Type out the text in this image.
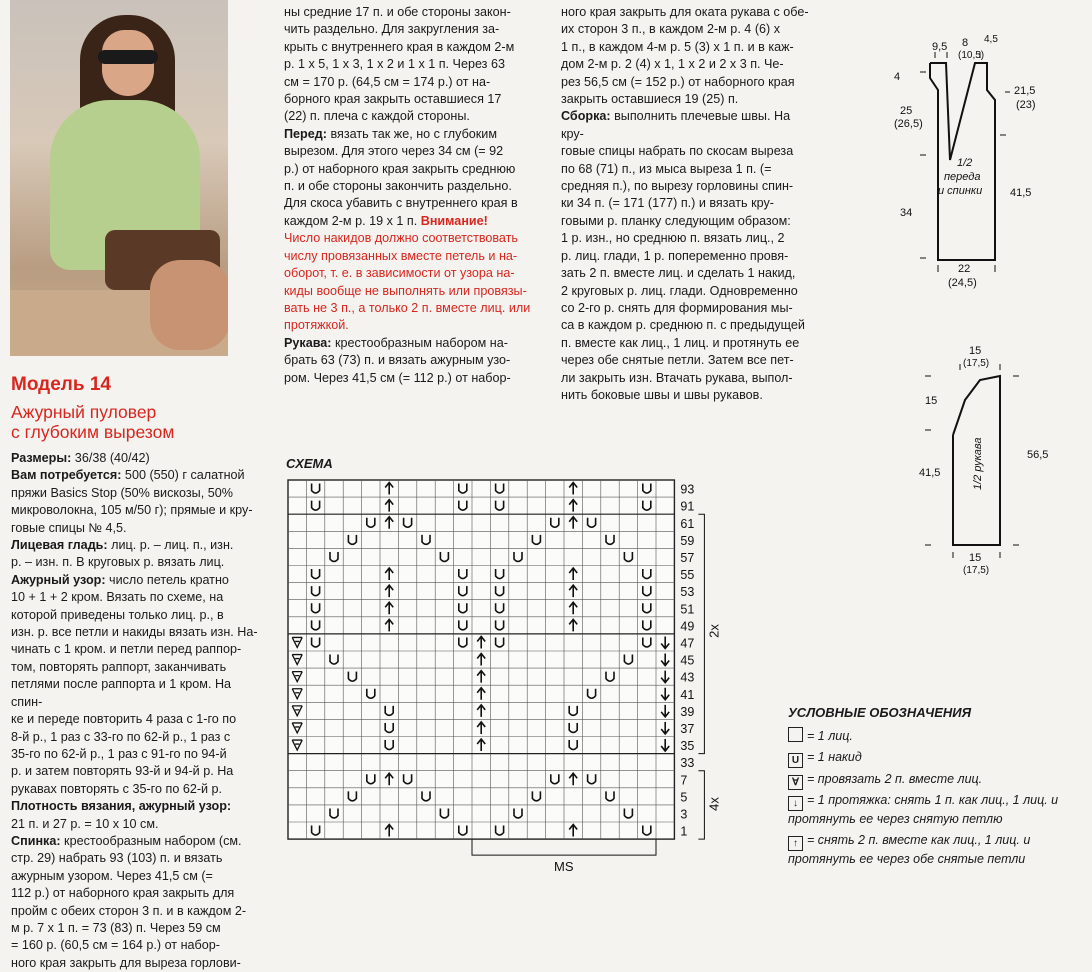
Модель 14
Ажурный пуловер
с глубоким вырезом

Размеры: 36/38 (40/42)

Вам потребуется: 500 (550) г салатной

пряжи Basics Stop (50% вискозы, 50%

микроволокна, 105 м/50 г); прямые и кру-

говые спицы № 4,5.

Лицевая гладь: лиц. р. – лиц. п., изн.

р. – изн. п. В круговых р. вязать лиц.

Ажурный узор: число петель кратно

10 + 1 + 2 кром. Вязать по схеме, на

которой приведены только лиц. р., в

изн. р. все петли и накиды вязать изн. На-

чинать с 1 кром. и петли перед раппор-

том, повторять раппорт, заканчивать

петлями после раппорта и 1 кром. На спин-

ке и переде повторить 4 раза с 1-го по

8-й р., 1 раз с 33-го по 62-й р., 1 раз с

35-го по 62-й р., 1 раз с 91-го по 94-й

р. и затем повторять 93-й и 94-й р. На

рукавах повторять с 35-го по 62-й р.

Плотность вязания, ажурный узор:

21 п. и 27 р. = 10 х 10 см.

Спинка: крестообразным набором (см.

стр. 29) набрать 93 (103) п. и вязать

ажурным узором. Через 41,5 см (=

112 р.) от наборного края закрыть для

пройм с обеих сторон 3 п. и в каждом 2-

м р. 7 х 1 п. = 73 (83) п. Через 59 см

= 160 р. (60,5 см = 164 р.) от набор-

ного края закрыть для выреза горлови-

ны средние 17 п. и обе стороны закон-

чить раздельно. Для закругления за-

крыть с внутреннего края в каждом 2-м

р. 1 х 5, 1 х 3, 1 х 2 и 1 х 1 п. Через 63

см = 170 р. (64,5 см = 174 р.) от на-

борного края закрыть оставшиеся 17

(22) п. плеча с каждой стороны.

Перед: вязать так же, но с глубоким

вырезом. Для этого через 34 см (= 92

р.) от наборного края закрыть среднюю

п. и обе стороны закончить раздельно.

Для скоса убавить с внутреннего края в

каждом 2-м р. 19 х 1 п. Внимание!

Число накидов должно соответствовать

числу провязанных вместе петель и на-

оборот, т. е. в зависимости от узора на-

киды вообще не выполнять или провязы-

вать не 3 п., а только 2 п. вместе лиц. или

протяжкой.

Рукава: крестообразным набором на-

брать 63 (73) п. и вязать ажурным узо-

ром. Через 41,5 см (= 112 р.) от набор-

ного края закрыть для оката рукава с обе-

их сторон 3 п., в каждом 2-м р. 4 (6) х

1 п., в каждом 4-м р. 5 (3) х 1 п. и в каж-

дом 2-м р. 2 (4) х 1, 1 х 2 и 2 х 3 п. Че-

рез 56,5 см (= 152 р.) от наборного края

закрыть оставшиеся 19 (25) п.

Сборка: выполнить плечевые швы. На кру-

говые спицы набрать по скосам выреза

по 68 (71) п., из мыса выреза 1 п. (=

средняя п.), по вырезу горловины спин-

ки 34 п. (= 171 (177) п.) и вязать кру-

говыми р. планку следующим образом:

1 р. изн., но среднюю п. вязать лиц., 2

р. лиц. глади, 1 р. попеременно провя-

зать 2 п. вместе лиц. и сделать 1 накид,

2 круговых р. лиц. глади. Одновременно

со 2-го р. снять для формирования мы-

са в каждом р. среднюю п. с предыдущей

п. вместе как лиц., 1 лиц. и протянуть ее

через обе снятые петли. Затем все пет-

ли закрыть изн. Втачать рукава, выпол-

нить боковые швы и швы рукавов.

СХЕМА
93
91
61
59
57
55
53
51
49
47
45
43
41
39
37
35
33
7
5
3
1
2x
4x
MS
УСЛОВНЫЕ ОБОЗНАЧЕНИЯ
= 1 лиц.
U = 1 накид
∀ = провязать 2 п. вместе лиц.
↓ = 1 протяжка: снять 1 п. как лиц., 1 лиц. и протянуть ее через снятую петлю
↑ = снять 2 п. вместе как лиц., 1 лиц. и протянуть ее через обе снятые петли
9,5 8
(10,5)
4,5
4
25
(26,5)
21,5
(23)
1/2
переда
и спинки	41,5
34
22
(24,5)
15
(17,5)
15
41,5
56,5
1/2 рукава
15
(17,5)
